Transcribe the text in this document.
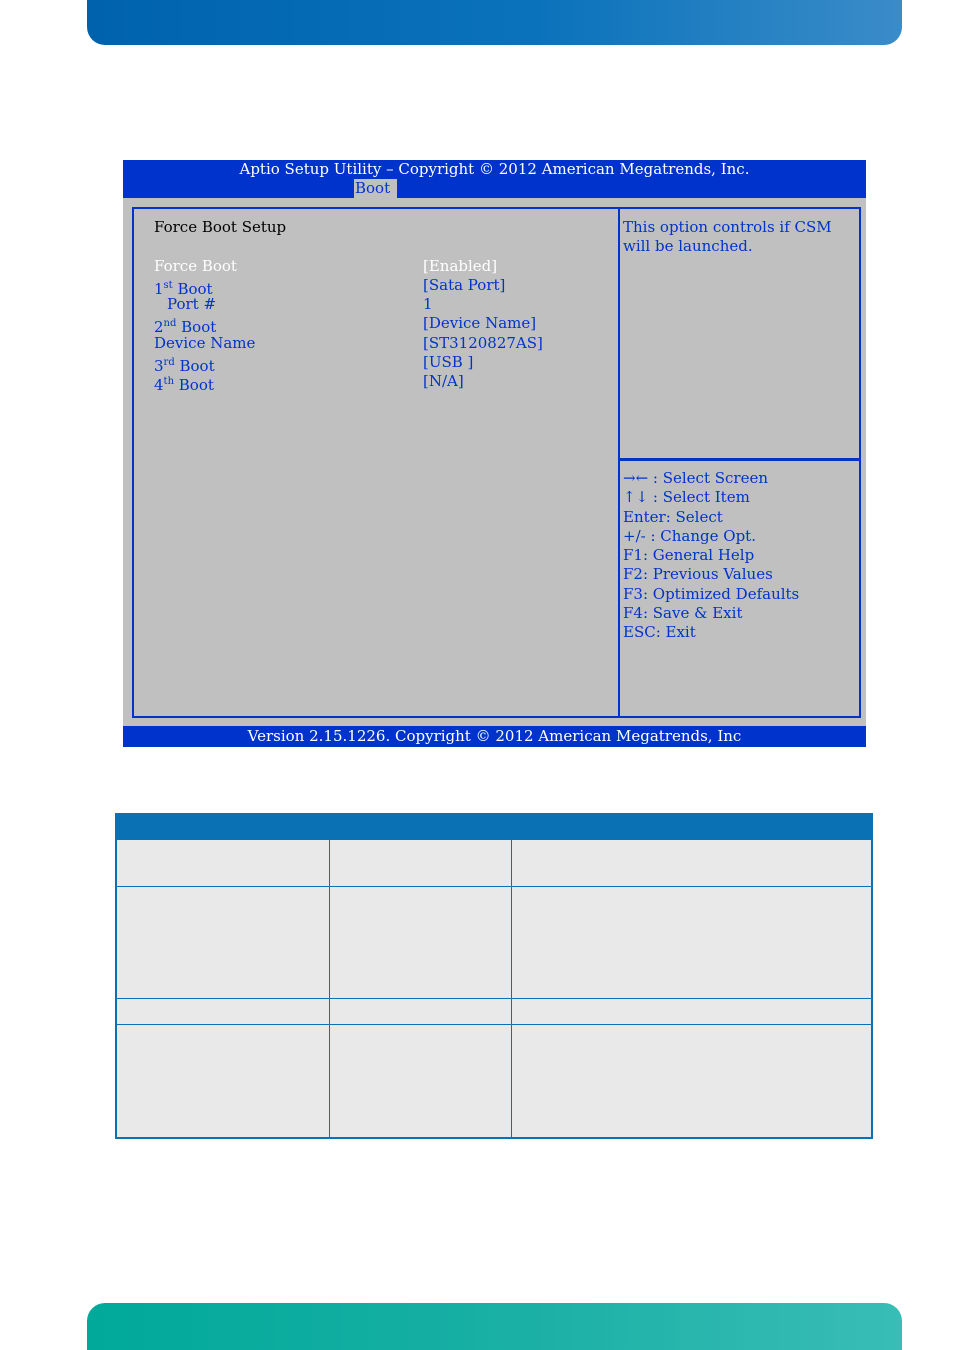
Aptio Setup Utility – Copyright © 2012 American Megatrends, Inc.
Boot
Version 2.15.1226. Copyright © 2012 American Megatrends, Inc
Force Boot Setup
Force Boot	[Enabled]
1st Boot	[Sata Port]
Port #	1
2nd Boot	[Device Name]
Device Name	[ST3120827AS]
3rd Boot	[USB ]
4th Boot	[N/A]
This option controls if CSM
will be launched.
→← : Select Screen
↑↓ : Select Item
Enter: Select
+/- : Change Opt.
F1: General Help
F2: Previous Values
F3: Optimized Defaults
F4: Save & Exit
ESC: Exit
